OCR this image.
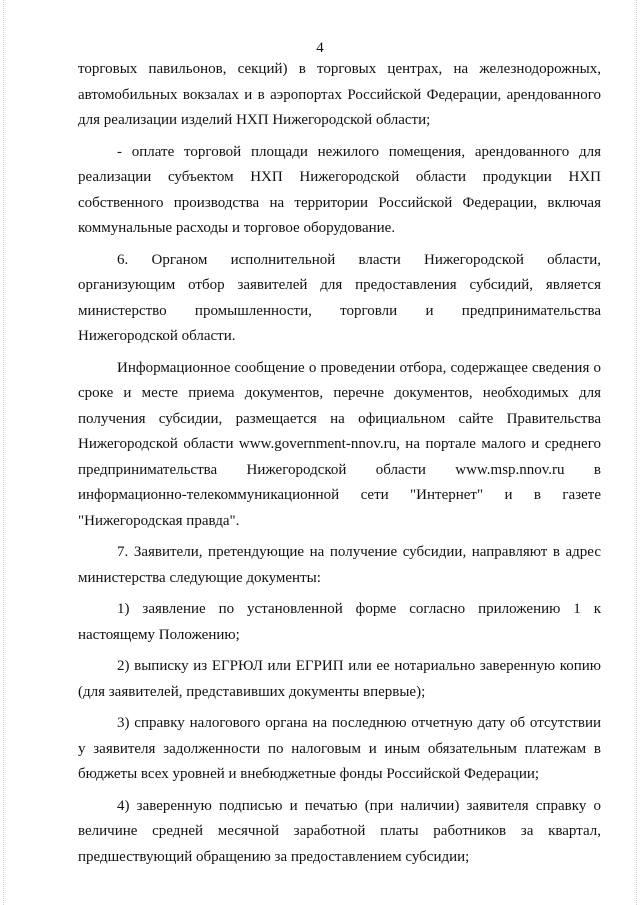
4

торговых павильонов, секций) в торговых центрах, на железнодорожных, автомобильных вокзалах и в аэропортах Российской Федерации, арендованного для реализации изделий НХП Нижегородской области;

- оплате торговой площади нежилого помещения, арендованного для реализации субъектом НХП Нижегородской области продукции НХП собственного производства на территории Российской Федерации, включая коммунальные расходы и торговое оборудование.

6. Органом исполнительной власти Нижегородской области, организующим отбор заявителей для предоставления субсидий, является министерство промышленности, торговли и предпринимательства Нижегородской области.

Информационное сообщение о проведении отбора, содержащее сведения о сроке и месте приема документов, перечне документов, необходимых для получения субсидии, размещается на официальном сайте Правительства Нижегородской области www.government-nnov.ru, на портале малого и среднего предпринимательства Нижегородской области www.msp.nnov.ru в информационно-телекоммуникационной сети "Интернет" и в газете "Нижегородская правда".

7. Заявители, претендующие на получение субсидии, направляют в адрес министерства следующие документы:

1) заявление по установленной форме согласно приложению 1 к настоящему Положению;

2) выписку из ЕГРЮЛ или ЕГРИП или ее нотариально заверенную копию (для заявителей, представивших документы впервые);

3) справку налогового органа на последнюю отчетную дату об отсутствии у заявителя задолженности по налоговым и иным обязательным платежам в бюджеты всех уровней и внебюджетные фонды Российской Федерации;

4) заверенную подписью и печатью (при наличии) заявителя справку о величине средней месячной заработной платы работников за квартал, предшествующий обращению за предоставлением субсидии;
